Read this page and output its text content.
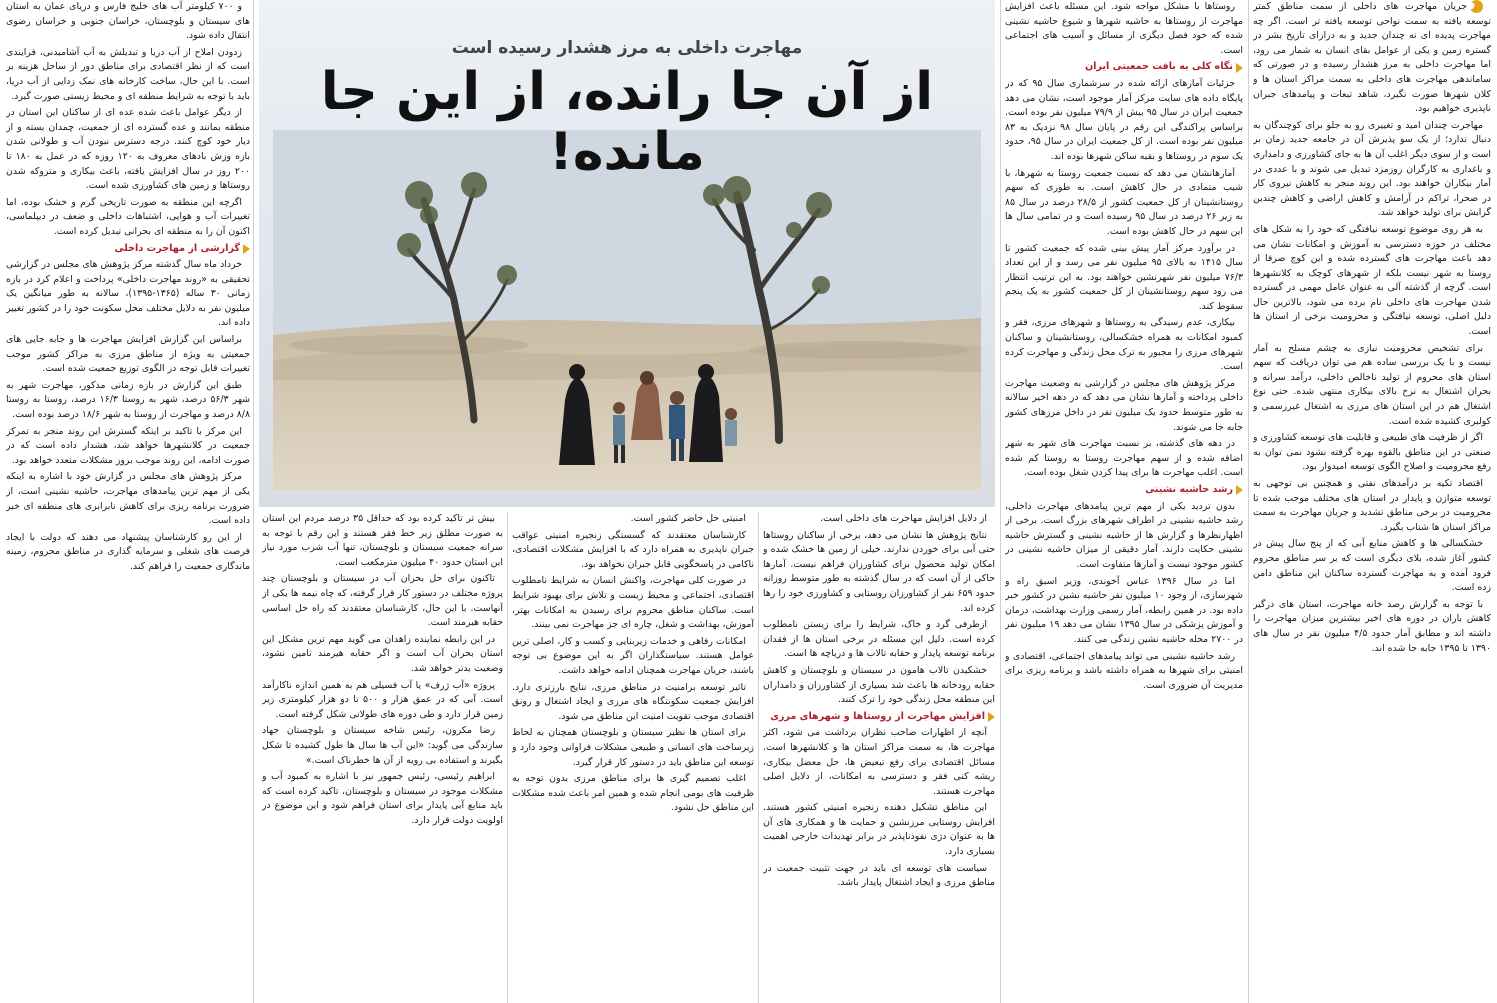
و ۷۰۰ کیلومتر آب های خلیج فارس و دریای عمان به استان های سیستان و بلوچستان، خراسان جنوبی و خراسان رضوی انتقال داده شود.

زدودن املاح از آب دریا و تبدیلش به آب آشامیدنی، فرایندی است که از نظر اقتصادی برای مناطق دور از ساحل هزینه بر است. با این حال، ساخت کارخانه های نمک زدایی از آب دریا، باید با توجه به شرایط منطقه ای و محیط زیستی صورت گیرد.

از دیگر عوامل باعث شده عده ای از ساکنان این استان در منطقه بمانند و عده گسترده ای از جمعیت، چمدان بسته و از دیار خود کوچ کنند. درجه دسترس نبودن آب و طولانی شدن بازه وزش بادهای معروف به ۱۲۰ روزه که در عمل به ۱۸۰ تا ۲۰۰ روز در سال افزایش یافته، باعث بیکاری و متروکه شدن روستاها و زمین های کشاورزی شده است.

اگرچه این منطقه به صورت تاریخی گرم و خشک بوده، اما تغییرات آب و هوایی، اشتباهات داخلی و ضعف در دیپلماسی، اکنون آن را به منطقه ای بحرانی تبدیل کرده است.

گزارشی از مهاجرت داخلی

خرداد ماه سال گذشته مرکز پژوهش های مجلس در گزارشی تحقیقی به «روند مهاجرت داخلی» پرداخت و اعلام کرد در بازه زمانی ۳۰ ساله (۱۳۶۵-۱۳۹۵)، سالانه به طور میانگین یک میلیون نفر به دلایل مختلف محل سکونت خود را در کشور تغییر داده اند.

براساس این گزارش افزایش مهاجرت ها و جابه جایی های جمعیتی به ویژه از مناطق مرزی به مراکز کشور موجب تغییرات قابل توجه در الگوی توزیع جمعیت شده است.

طبق این گزارش در بازه زمانی مذکور، مهاجرت شهر به شهر ۵۶/۳ درصد، شهر به روستا ۱۶/۳ درصد، روستا به روستا ۸/۸ درصد و مهاجرت از روستا به شهر ۱۸/۶ درصد بوده است.

این مرکز با تاکید بر اینکه گسترش این روند منجر به تمرکز جمعیت در کلانشهرها خواهد شد، هشدار داده است که در صورت ادامه، این روند موجب بروز مشکلات متعدد خواهد بود.

مرکز پژوهش های مجلس در گزارش خود با اشاره به اینکه یکی از مهم ترین پیامدهای مهاجرت، حاشیه نشینی است، از ضرورت برنامه ریزی برای کاهش نابرابری های منطقه ای خبر داده است.

از این رو کارشناسان پیشنهاد می دهند که دولت با ایجاد فرصت های شغلی و سرمایه گذاری در مناطق محروم، زمینه ماندگاری جمعیت را فراهم کند.

مهاجرت داخلی به مرز هشدار رسیده است
از آن جا رانده، از این جا مانده!

بیش تر تاکید کرده بود که حداقل ۳۵ درصد مردم این استان به صورت مطلق زیر خط فقر هستند و این رقم با توجه به سرانه جمعیت سیستان و بلوچستان، تنها آب شرب مورد نیاز این استان حدود ۴۰ میلیون مترمکعب است.

تاکنون برای حل بحران آب در سیستان و بلوچستان چند پروژه مختلف در دستور کار قرار گرفته، که چاه نیمه ها یکی از آنهاست. با این حال، کارشناسان معتقدند که راه حل اساسی حقابه هیرمند است.

در این رابطه نماینده زاهدان می گوید مهم ترین مشکل این استان بحران آب است و اگر حقابه هیرمند تامین نشود، وضعیت بدتر خواهد شد.

پروژه «آب ژرف» یا آب فسیلی هم به همین اندازه ناکارآمد است. آبی که در عمق هزار و ۵۰۰ تا دو هزار کیلومتری زیر زمین قرار دارد و طی دوره های طولانی شکل گرفته است.

رضا مکرون، رئیس شاخه سیستان و بلوچستان جهاد سازندگی می گوید: «این آب ها سال ها طول کشیده تا شکل بگیرند و استفاده بی رویه از آن ها خطرناک است.»

ابراهیم رئیسی، رئیس جمهور نیز با اشاره به کمبود آب و مشکلات موجود در سیستان و بلوچستان، تاکید کرده است که باید منابع آبی پایدار برای استان فراهم شود و این موضوع در اولویت دولت قرار دارد.

امنیتی حل حاضر کشور است.

کارشناسان معتقدند که گسستگی زنجیره امنیتی عواقب جبران ناپذیری به همراه دارد که با افزایش مشکلات اقتصادی، ناکامی در پاسخگویی قابل جبران نخواهد بود.

در صورت کلی مهاجرت، واکنش انسان به شرایط نامطلوب اقتصادی، اجتماعی و محیط زیست و تلاش برای بهبود شرایط است. ساکنان مناطق محروم برای رسیدن به امکانات بهتر، آموزش، بهداشت و شغل، چاره ای جز مهاجرت نمی بینند.

امکانات رفاهی و خدمات زیربنایی و کسب و کار، اصلی ترین عوامل هستند. سیاستگذاران اگر به این موضوع بی توجه باشند، جریان مهاجرت همچنان ادامه خواهد داشت.

تاثیر توسعه برامنیت در مناطق مرزی، نتایج بارزتری دارد. افزایش جمعیت سکونتگاه های مرزی و ایجاد اشتغال و رونق اقتصادی موجب تقویت امنیت این مناطق می شود.

برای استان ها نظیر سیستان و بلوچستان همچنان به لحاظ زیرساخت های انسانی و طبیعی مشکلات فراوانی وجود دارد و توسعه این مناطق باید در دستور کار قرار گیرد.

اغلب تصمیم گیری ها برای مناطق مرزی بدون توجه به ظرفیت های بومی انجام شده و همین امر باعث شده مشکلات این مناطق حل نشود.

از دلایل افزایش مهاجرت های داخلی است.

نتایج پژوهش ها نشان می دهد، برخی از ساکنان روستاها حتی آبی برای خوردن ندارند. خیلی از زمین ها خشک شده و امکان تولید محصول برای کشاورزان فراهم نیست. آمارها حاکی از آن است که در سال گذشته به طور متوسط روزانه حدود ۶۵۹ نفر از کشاورزان روستایی و کشاورزی خود را رها کرده اند.

ازطرفی گرد و خاک، شرایط را برای زیستن نامطلوب کرده است. دلیل این مسئله در برخی استان ها از فقدان برنامه توسعه پایدار و حقابه تالاب ها و دریاچه ها است.

خشکیدن تالاب هامون در سیستان و بلوچستان و کاهش حقابه رودخانه ها باعث شد بسیاری از کشاورزان و دامداران این منطقه محل زندگی خود را ترک کنند.

افزایش مهاجرت از روستاها و شهرهای مرزی

آنچه از اظهارات صاحب نظران برداشت می شود، اکثر مهاجرت ها، به سمت مراکز استان ها و کلانشهرها است. مسائل اقتصادی برای رفع تبعیض ها، حل معضل بیکاری، ریشه کنی فقر و دسترسی به امکانات، از دلایل اصلی مهاجرت هستند.

این مناطق تشکیل دهنده زنجیره امنیتی کشور هستند. افزایش روستایی مرزنشین و حمایت ها و همکاری های آن ها به عنوان دژی نفوذناپذیر در برابر تهدیدات خارجی اهمیت بسیاری دارد.

سیاست های توسعه ای باید در جهت تثبیت جمعیت در مناطق مرزی و ایجاد اشتغال پایدار باشد.

روستاها با مشکل مواجه شود. این مسئله باعث افزایش مهاجرت از روستاها به حاشیه شهرها و شیوع حاشیه نشینی شده که خود فصل دیگری از مسائل و آسیب های اجتماعی است.

نگاه کلی به بافت جمعیتی ایران

جزئیات آمارهای ارائه شده در سرشماری سال ۹۵ که در پایگاه داده های سایت مرکز آمار موجود است، نشان می دهد جمعیت ایران در سال ۹۵ بیش از ۷۹/۹ میلیون نفر بوده است. براساس پراکندگی این رقم در پایان سال ۹۸ نزدیک به ۸۳ میلیون نفر بوده است. از کل جمعیت ایران در سال ۹۵، حدود یک سوم در روستاها و بقیه ساکن شهرها بوده اند.

آمارهانشان می دهد که نسبت جمعیت روستا به شهرها، با شیب متمادی در حال کاهش است. به طوری که سهم روستانشینان از کل جمعیت کشور از ۲۸/۵ درصد در سال ۸۵ به زیر ۲۶ درصد در سال ۹۵ رسیده است و در تمامی سال ها این سهم در حال کاهش بوده است.

در برآورد مرکز آمار پیش بینی شده که جمعیت کشور تا سال ۱۴۱۵ به بالای ۹۵ میلیون نفر می رسد و از این تعداد ۷۶/۳ میلیون نفر شهرنشین خواهند بود. به این ترتیب انتظار می رود سهم روستانشینان از کل جمعیت کشور به یک پنجم سقوط کند.

بیکاری، عدم رسیدگی به روستاها و شهرهای مرزی، فقر و کمبود امکانات به همراه خشکسالی، روستانشینان و ساکنان شهرهای مرزی را مجبور به ترک محل زندگی و مهاجرت کرده است.

مرکز پژوهش های مجلس در گزارشی به وضعیت مهاجرت داخلی پرداخته و آمارها نشان می دهد که در دهه اخیر سالانه به طور متوسط حدود یک میلیون نفر در داخل مرزهای کشور جابه جا می شوند.

در دهه های گذشته، بر نسبت مهاجرت های شهر به شهر اضافه شده و از سهم مهاجرت روستا به روستا کم شده است. اغلب مهاجرت ها برای پیدا کردن شغل بوده است.

رشد حاشیه نشینی

بدون تردید یکی از مهم ترین پیامدهای مهاجرت داخلی، رشد حاشیه نشینی در اطراف شهرهای بزرگ است. برخی از اظهارنظرها و گزارش ها از حاشیه نشینی و گسترش حاشیه نشینی حکایت دارند. آمار دقیقی از میزان حاشیه نشینی در کشور موجود نیست و آمارها متفاوت است.

اما در سال ۱۳۹۶ عباس آخوندی، وزیر اسبق راه و شهرسازی، از وجود ۱۰ میلیون نفر حاشیه نشین در کشور خبر داده بود. در همین رابطه، آمار رسمی وزارت بهداشت، درمان و آموزش پزشکی در سال ۱۳۹۵ نشان می دهد ۱۹ میلیون نفر در ۲۷۰۰ محله حاشیه نشین زندگی می کنند.

رشد حاشیه نشینی می تواند پیامدهای اجتماعی، اقتصادی و امنیتی برای شهرها به همراه داشته باشد و برنامه ریزی برای مدیریت آن ضروری است.

●جریان مهاجرت های داخلی از سمت مناطق کمتر توسعه یافته به سمت نواحی توسعه یافته تر است. اگر چه مهاجرت پدیده ای نه چندان جدید و به درازای تاریخ بشر در گستره زمین و یکی از عوامل بقای انسان به شمار می رود، اما مهاجرت داخلی به مرز هشدار رسیده و در صورتی که ساماندهی مهاجرت های داخلی به سمت مراکز استان ها و کلان شهرها صورت نگیرد، شاهد تبعات و پیامدهای جبران ناپذیری خواهیم بود.

مهاجرت چندان امید و تغییری رو به جلو برای کوچندگان به دنبال ندارد؛ از یک سو پذیرش آن در جامعه جدید زمان بر است و از سوی دیگر اغلب آن ها به جای کشاورزی و دامداری و باغداری به کارگران روزمزد تبدیل می شوند و با عددی در آمار بیکاران خواهند بود. این روند منجر به کاهش نیروی کار در صحرا، تراکم در آرامش و کاهش اراضی و کاهش چندین گرایش برای تولید خواهد شد.

به هر روی موضوع توسعه نیافتگی که خود را به شکل های مختلف در حوزه دسترسی به آموزش و امکانات نشان می دهد باعث مهاجرت های گسترده شده و این کوچ صرفا از روستا به شهر نیست بلکه از شهرهای کوچک به کلانشهرها است. گرچه از گذشته آلی به عنوان عامل مهمی در گسترده شدن مهاجرت های داخلی نام برده می شود، بالاترین حال دلیل اصلی، توسعه نیافتگی و محرومیت برخی از استان ها است.

برای تشخیص محرومیت نیازی به چشم مسلح به آمار نیست و با یک بررسی ساده هم می توان دریافت که سهم استان های محروم از تولید ناخالص داخلی، درآمد سرانه و بحران اشتغال به نرخ بالای بیکاری منتهی شده. حتی نوع اشتغال هم در این استان های مرزی به اشتغال غیررسمی و کولبری کشیده شده است.

اگر از ظرفیت های طبیعی و قابلیت های توسعه کشاورزی و صنعتی در این مناطق بالقوه بهره گرفته نشود نمی توان به رفع محرومیت و اصلاح الگوی توسعه امیدوار بود.

اقتصاد تکیه بر درآمدهای نفتی و همچنین بی توجهی به توسعه متوازن و پایدار در استان های مختلف موجب شده تا محرومیت در برخی مناطق تشدید و جریان مهاجرت به سمت مراکز استان ها شتاب بگیرد.

خشکسالی ها و کاهش منابع آبی که از پنج سال پیش در کشور آغاز شده، بلای دیگری است که بر سر مناطق محروم فرود آمده و به مهاجرت گسترده ساکنان این مناطق دامن زده است.

با توجه به گزارش رصد خانه مهاجرت، استان های درگیر کاهش باران در دوره های اخیر بیشترین میزان مهاجرت را داشته اند و مطابق آمار حدود ۴/۵ میلیون نفر در سال های ۱۳۹۰ تا ۱۳۹۵ جابه جا شده اند.
